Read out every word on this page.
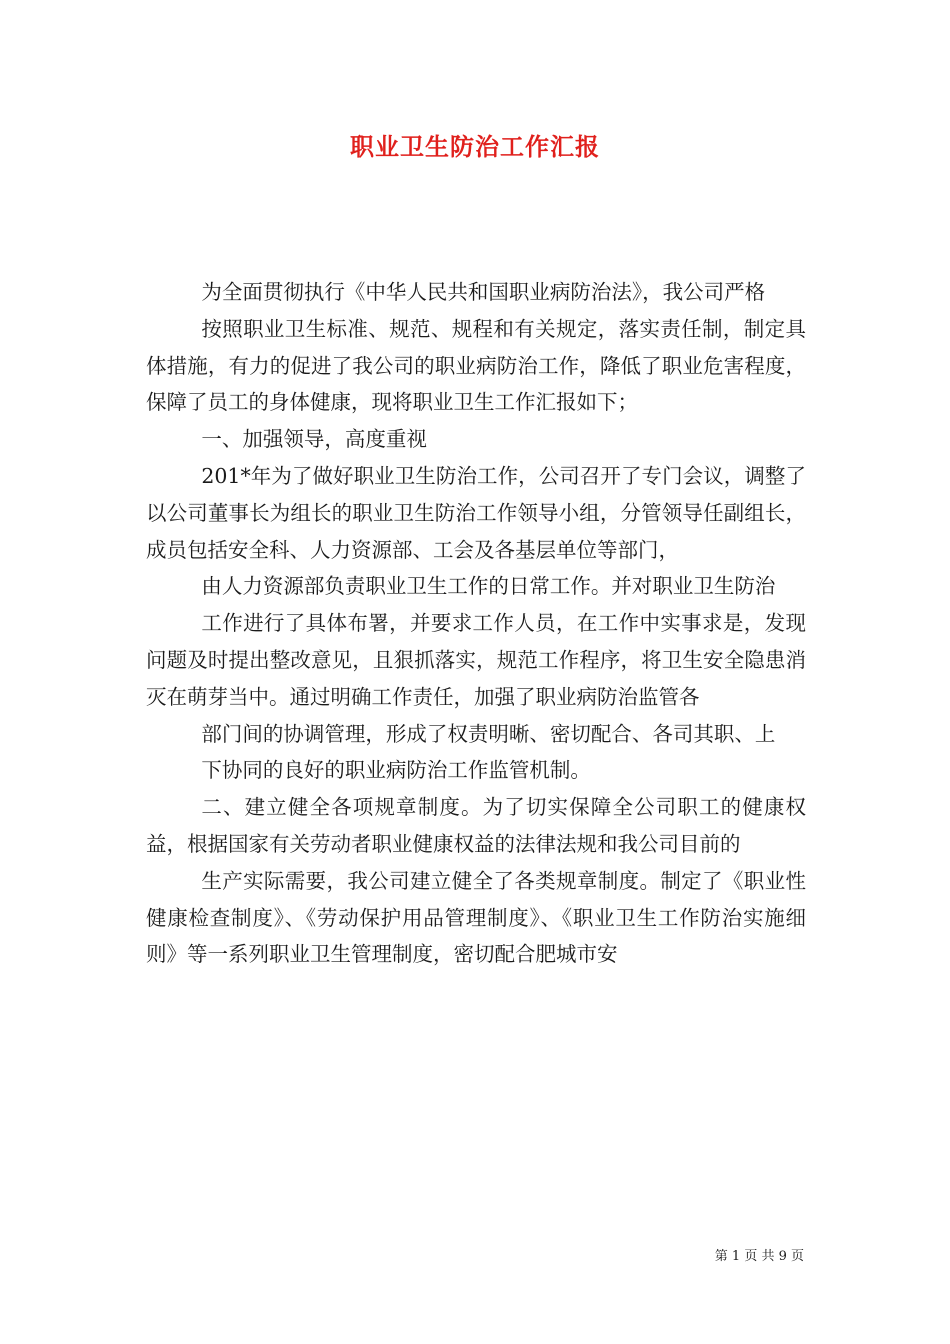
职业卫生防治工作汇报

为全面贯彻执行《中华人民共和国职业病防治法》，我公司严格

按照职业卫生标准、规范、规程和有关规定，落实责任制，制定具体措施，有力的促进了我公司的职业病防治工作，降低了职业危害程度，保障了员工的身体健康，现将职业卫生工作汇报如下；

一、加强领导，高度重视

201*年为了做好职业卫生防治工作，公司召开了专门会议，调整了以公司董事长为组长的职业卫生防治工作领导小组，分管领导任副组长，成员包括安全科、人力资源部、工会及各基层单位等部门，

由人力资源部负责职业卫生工作的日常工作。并对职业卫生防治

工作进行了具体布署，并要求工作人员，在工作中实事求是，发现问题及时提出整改意见，且狠抓落实，规范工作程序，将卫生安全隐患消灭在萌芽当中。通过明确工作责任，加强了职业病防治监管各

部门间的协调管理，形成了权责明晰、密切配合、各司其职、上

下协同的良好的职业病防治工作监管机制。

二、建立健全各项规章制度。为了切实保障全公司职工的健康权益，根据国家有关劳动者职业健康权益的法律法规和我公司目前的

生产实际需要，我公司建立健全了各类规章制度。制定了《职业性健康检查制度》、《劳动保护用品管理制度》、《职业卫生工作防治实施细则》等一系列职业卫生管理制度，密切配合肥城市安

第 1 页 共 9 页
